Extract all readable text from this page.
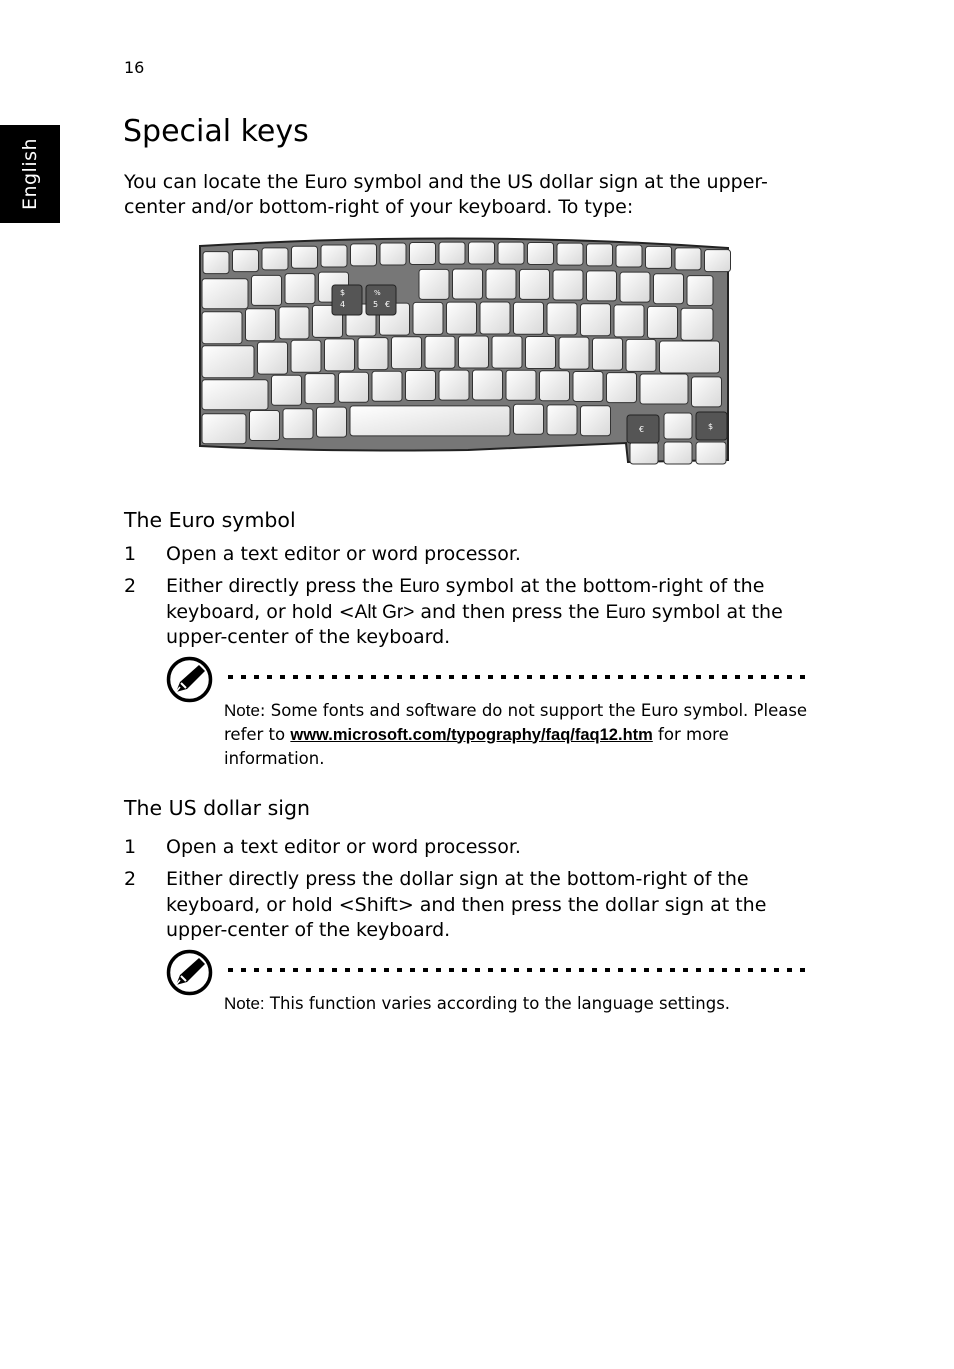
16
English
Special keys

You can locate the Euro symbol and the US dollar sign at the upper-center and/or bottom-right of your keyboard. To type:

$
4
%
5 €
€	$
The Euro symbol
1 Open a text editor or word processor.
2 Either directly press the Euro symbol at the bottom-right of the keyboard, or hold <Alt Gr> and then press the Euro symbol at the upper-center of the keyboard.
Note: Some fonts and software do not support the Euro symbol. Please refer to www.microsoft.com/typography/faq/faq12.htm for more information.
The US dollar sign
1 Open a text editor or word processor.
2 Either directly press the dollar sign at the bottom-right of the keyboard, or hold <Shift> and then press the dollar sign at the upper-center of the keyboard.
Note: This function varies according to the language settings.
